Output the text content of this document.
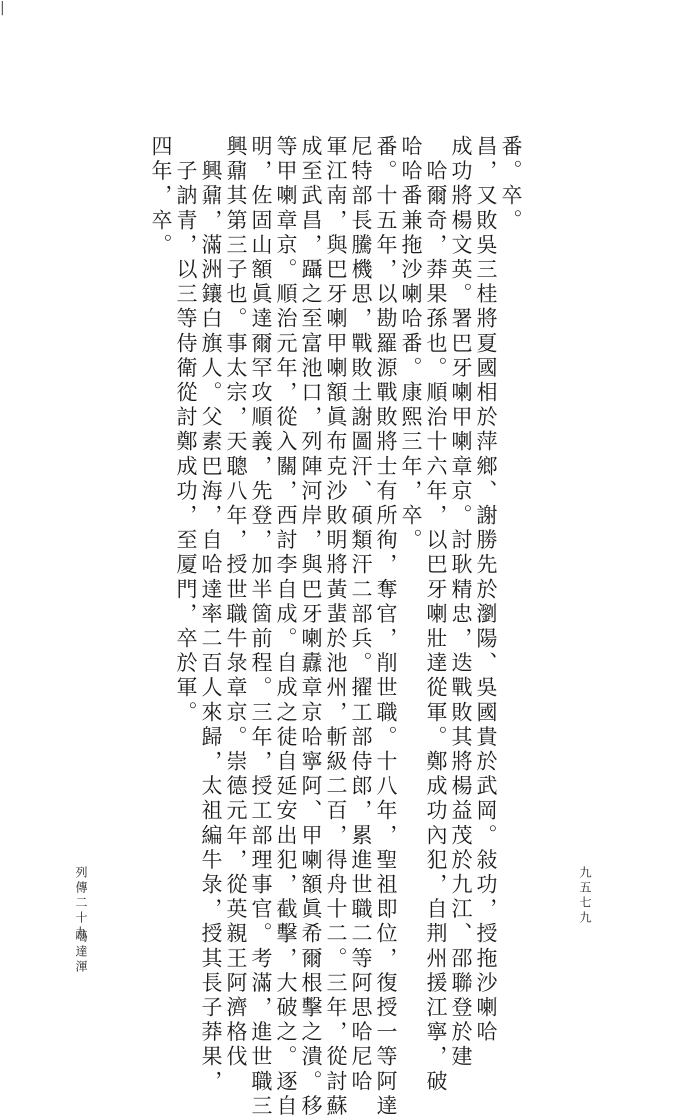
|
四年，卒。 　子訥青，以三等侍衛從討鄭成功，至厦門，卒於軍。 　興鼐，滿洲鑲白旗人。父素巴海，自哈達率二百人來歸，太祖編牛彔，授其長子莽果， 興鼐其第三子也。事太宗，天聰八年，授世職牛彔章京。崇德元年，從英親王阿濟格伐 明，佐固山額眞達爾罕攻順義，先登，加半箇前程。三年，授工部理事官。考滿，進世職三 等甲喇章京。順治元年，從入關，西討李自成。自成之徒自延安出犯，截擊，大破之。逐自 成至武昌，躡之至富池口，列陣河岸，與巴牙喇纛章京哈寧阿、甲喇額眞希爾根擊之潰。移 軍江南，與巴牙喇甲喇額眞布克沙敗明將黃蜚於池州，斬級二百，得舟十二。三年，從討蘇 尼特部長騰機思，戰敗土謝圖汗、碩類汗二部兵。擢工部侍郎，累進世職二等阿思哈尼哈 番。十五年，以勘羅源戰敗將士有所徇，奪官，削世職。十八年，聖祖即位，復授一等阿達 哈哈番兼拖沙喇哈番。康熙三年，卒。 　哈爾奇，莽果孫也。順治十六年，以巴牙喇壯達從軍。鄭成功內犯，自荆州援江寧，破 成功將楊文英。署巴牙喇甲喇章京。討耿精忠，迭戰敗其將楊益茂於九江、邵聯登於建 昌，又敗吳三桂將夏國相於萍鄉、謝勝先於瀏陽、吳國貴於武岡。敍功，授拖沙喇哈 番。卒。
列傳二十九
噶達渾
九五七九
